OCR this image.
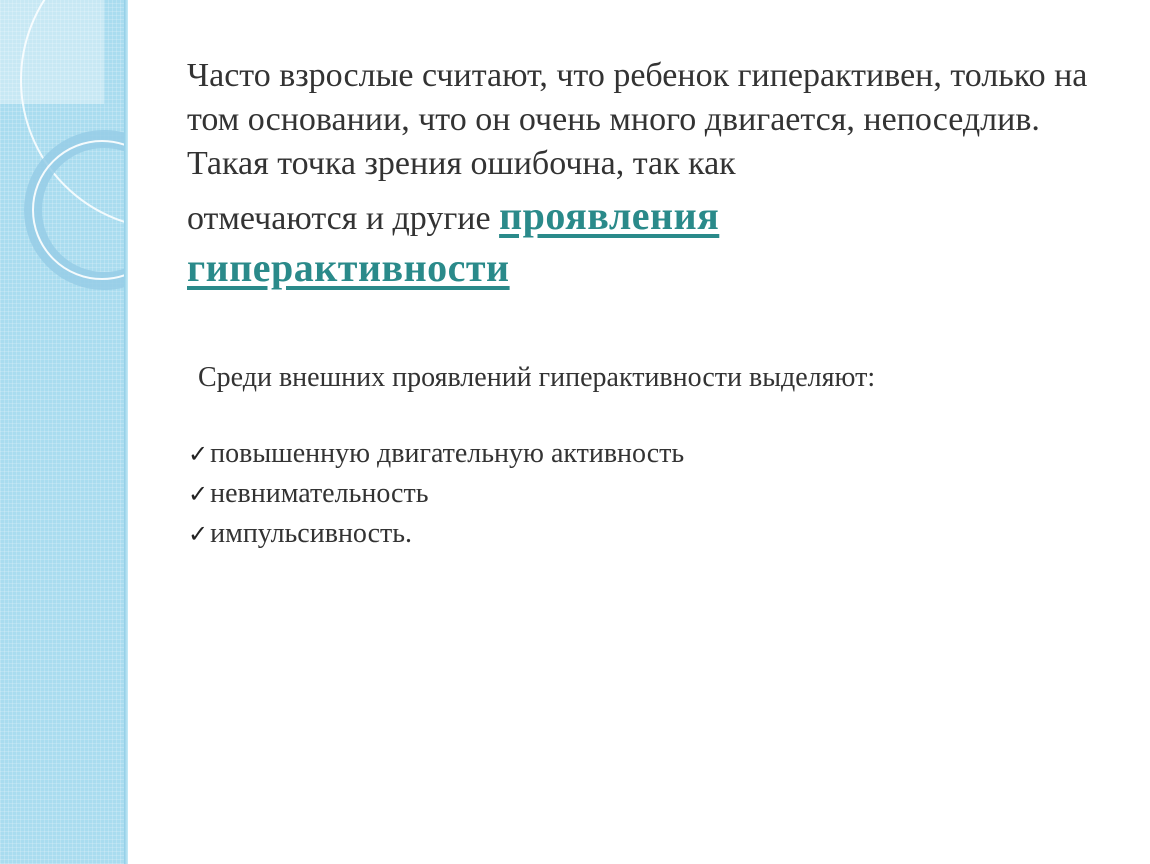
Часто взрослые считают, что ребенок гиперактивен, только на том основании, что он очень много двигается, непоседлив. Такая точка зрения ошибочна, так как
отмечаются и другие проявления
гиперактивности

Среди внешних проявлений гиперактивности выделяют:

✓ повышенную двигательную активность
✓ невнимательность
✓ импульсивность.
